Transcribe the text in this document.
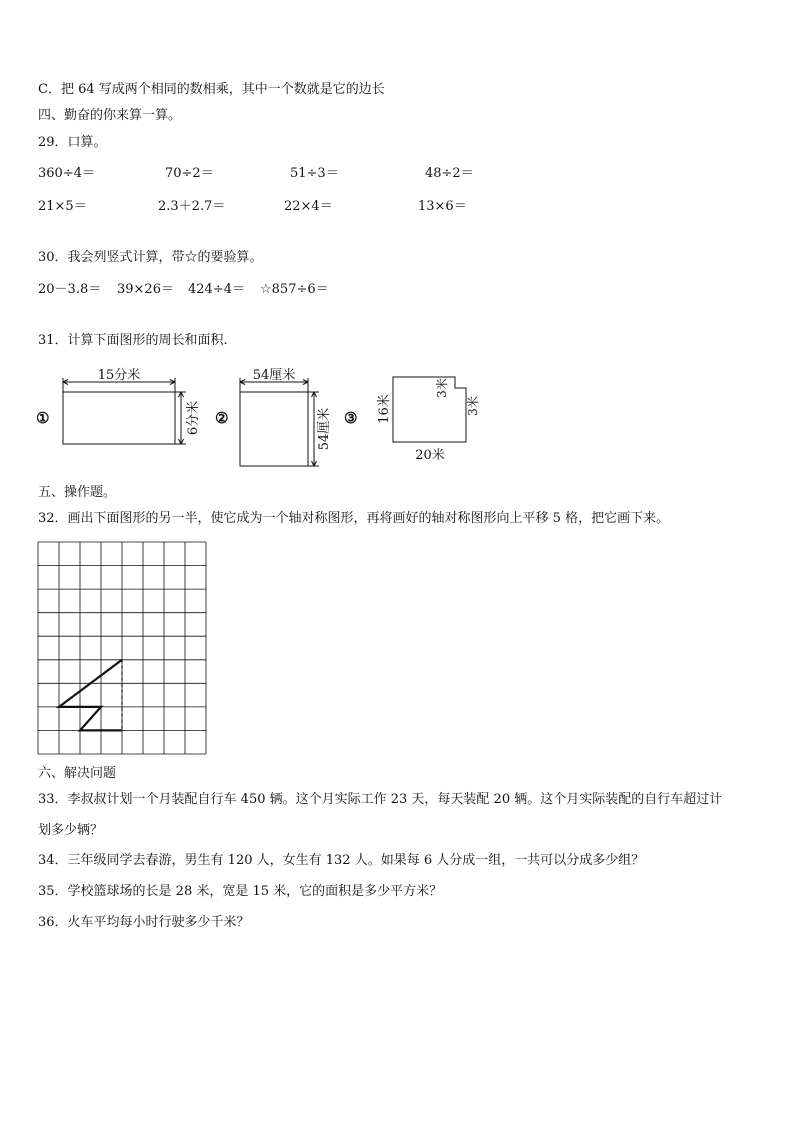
C．把 64 写成两个相同的数相乘，其中一个数就是它的边长
四、勤奋的你来算一算。
29．口算。
360÷4＝	70÷2＝	51÷3＝	48÷2＝
21×5＝	2.3＋2.7＝	22×4＝	13×6＝
30．我会列竖式计算，带☆的要验算。
20－3.8＝ 39×26＝ 424÷4＝ ☆857÷6＝
31．计算下面图形的周长和面积.
①	②	③
15分米
6分米
54厘米
54厘米	16米
3米
3米
20米
五、操作题。
32．画出下面图形的另一半，使它成为一个轴对称图形，再将画好的轴对称图形向上平移 5 格，把它画下来。
六、解决问题
33．李叔叔计划一个月装配自行车 450 辆。这个月实际工作 23 天，每天装配 20 辆。这个月实际装配的自行车超过计
划多少辆？
34．三年级同学去春游，男生有 120 人，女生有 132 人。如果每 6 人分成一组，一共可以分成多少组？
35．学校篮球场的长是 28 米，宽是 15 米，它的面积是多少平方米？
36．火车平均每小时行驶多少千米？
